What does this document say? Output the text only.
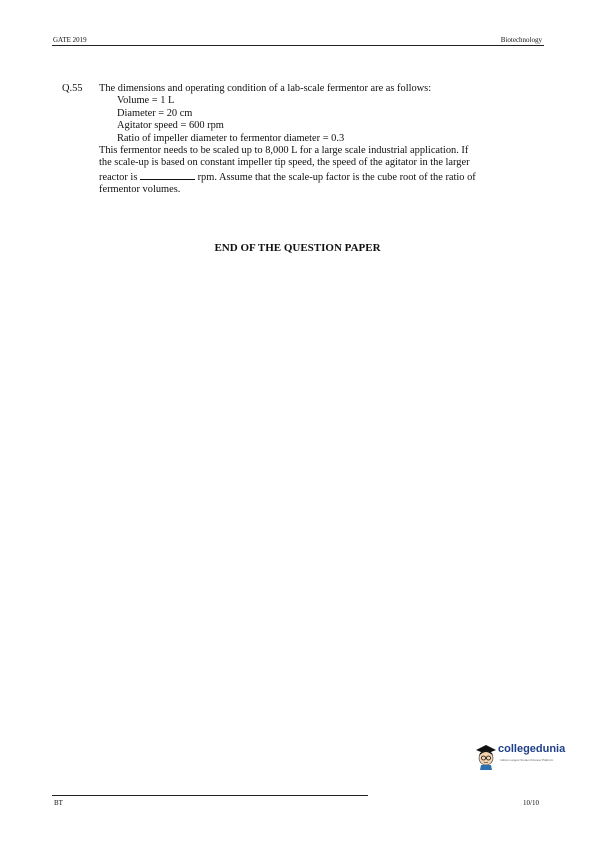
GATE 2019	Biotechnology
Q.55 The dimensions and operating condition of a lab-scale fermentor are as follows:
Volume = 1 L
Diameter = 20 cm
Agitator speed = 600 rpm
Ratio of impeller diameter to fermentor diameter = 0.3
This fermentor needs to be scaled up to 8,000 L for a large scale industrial application. If
the scale-up is based on constant impeller tip speed, the speed of the agitator in the larger
reactor is	rpm. Assume that the scale-up factor is the cube root of the ratio of
fermentor volumes.
END OF THE QUESTION PAPER
collegedunia
India's Largest Student Review Platform
BT	10/10
